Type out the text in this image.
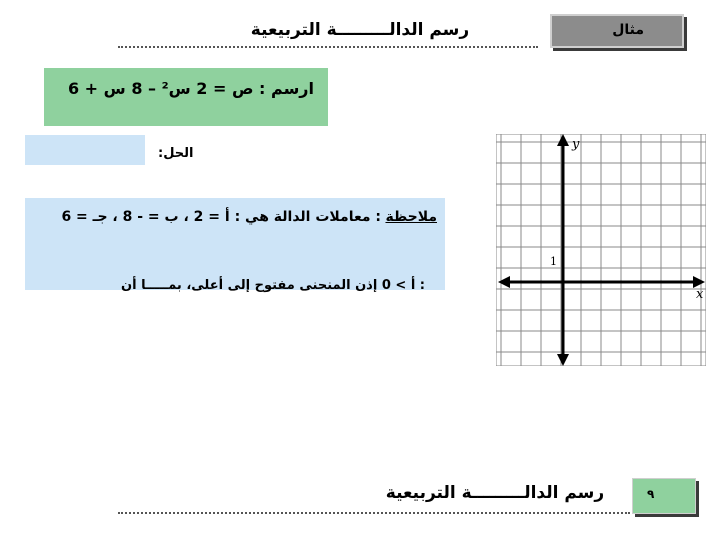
رسم الدالـــــــــة التربيعية	مثال
ارسم : ص = 2 س² – 8 س + 6
الحل:
ملاحظة : معاملات الدالة هي : أ = 2 ، ب = - 8 ، جـ = 6
: أ > 0 إذن المنحنى مفتوح إلى أعلى، بمـــــا أن
y
x
1
رسم الدالـــــــــة التربيعية	٩
